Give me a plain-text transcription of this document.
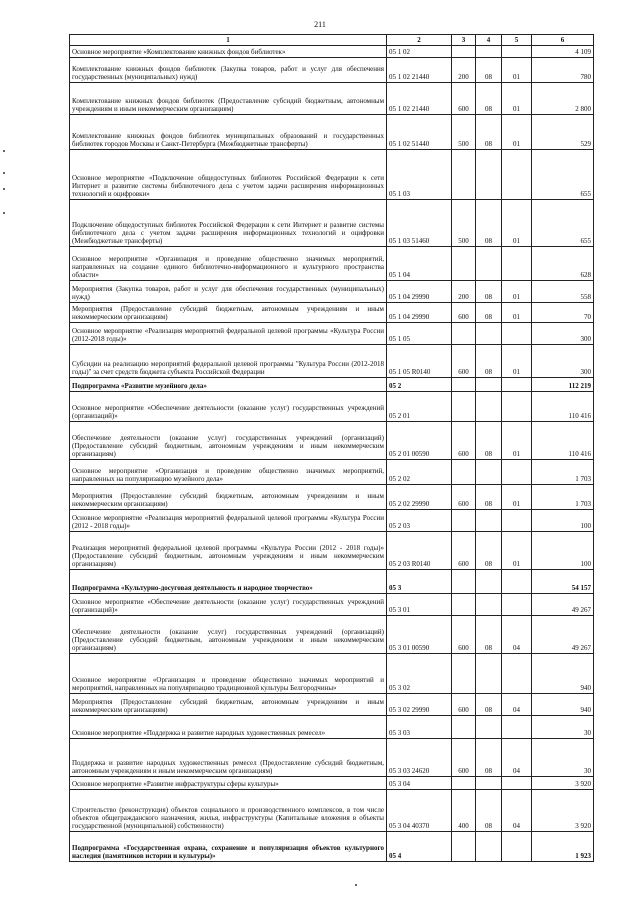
211
1	2	3	4	5	6
Основное мероприятие «Комплектование книжных фондов библиотек»	05 1 02				4 109
Комплектование книжных фондов библиотек (Закупка товаров, работ и услуг для обеспечения государственных (муниципальных) нужд)	05 1 02 21440	200	08	01	780
Комплектование книжных фондов библиотек (Предоставление субсидий бюджетным, автономным учреждениям и иным некоммерческим организациям)	05 1 02 21440	600	08	01	2 800
Комплектование книжных фондов библиотек муниципальных образований и государственных библиотек городов Москвы и Санкт-Петербурга (Межбюджетные трансферты)	05 1 02 51440	500	08	01	529
Основное мероприятие «Подключение общедоступных библиотек Российской Федерации к сети Интернет и развитие системы библиотечного дела с учетом задачи расширения информационных технологий и оцифровки»	05 1 03				655
Подключение общедоступных библиотек Российской Федерации к сети Интернет и развитие системы библиотечного дела с учетом задачи расширения информационных технологий и оцифровки (Межбюджетные трансферты)	05 1 03 51460	500	08	01	655
Основное мероприятие «Организация и проведение общественно значимых мероприятий, направленных на создание единого библиотечно-информационного и культурного пространства области»	05 1 04				628
Мероприятия (Закупка товаров, работ и услуг для обеспечения государственных (муниципальных) нужд)	05 1 04 29990	200	08	01	558
Мероприятия (Предоставление субсидий бюджетным, автономным учреждениям и иным некоммерческим организациям)	05 1 04 29990	600	08	01	70
Основное мероприятие «Реализация мероприятий федеральной целевой программы «Культура России (2012-2018 годы)»	05 1 05				300
Субсидии на реализацию мероприятий федеральной целевой программы "Культура России (2012-2018 годы)" за счет средств бюджета субъекта Российской Федерации	05 1 05 R0140	600	08	01	300
Подпрограмма «Развитие музейного дела»	05 2				112 219
Основное мероприятие «Обеспечение деятельности (оказание услуг) государственных учреждений (организаций)»	05 2 01				110 416
Обеспечение деятельности (оказание услуг) государственных учреждений (организаций) (Предоставление субсидий бюджетным, автономным учреждениям и иным некоммерческим организациям)	05 2 01 00590	600	08	01	110 416
Основное мероприятие «Организация и проведение общественно значимых мероприятий, направленных на популяризацию музейного дела»	05 2 02				1 703
Мероприятия (Предоставление субсидий бюджетным, автономным учреждениям и иным некоммерческим организациям)	05 2 02 29990	600	08	01	1 703
Основное мероприятие «Реализация мероприятий федеральной целевой программы «Культура России (2012 - 2018 годы)»	05 2 03				100
Реализация мероприятий федеральной целевой программы «Культура России (2012 - 2018 годы)» (Предоставление субсидий бюджетным, автономным учреждениям и иным некоммерческим организациям)	05 2 03 R0140	600	08	01	100
Подпрограмма «Культурно-досуговая деятельность и народное творчество»	05 3				54 157
Основное мероприятие «Обеспечение деятельности (оказание услуг) государственных учреждений (организаций)»	05 3 01				49 267
Обеспечение деятельности (оказание услуг) государственных учреждений (организаций) (Предоставление субсидий бюджетным, автономным учреждениям и иным некоммерческим организациям)	05 3 01 00590	600	08	04	49 267
Основное мероприятие «Организация и проведение общественно значимых мероприятий и мероприятий, направленных на популяризацию традиционной культуры Белгородчины»	05 3 02				940
Мероприятия (Предоставление субсидий бюджетным, автономным учреждениям и иным некоммерческим организациям)	05 3 02 29990	600	08	04	940
Основное мероприятие «Поддержка и развитие народных художественных ремесел»	05 3 03				30
Поддержка и развитие народных художественных ремесел (Предоставление субсидий бюджетным, автономным учреждениям и иным некоммерческим организациям)	05 3 03 24620	600	08	04	30
Основное мероприятие «Развитие инфраструктуры сферы культуры»	05 3 04				3 920
Строительство (реконструкция) объектов социального и производственного комплексов, в том числе объектов общегражданского назначения, жилья, инфраструктуры (Капитальные вложения в объекты государственной (муниципальной) собственности)	05 3 04 40370	400	08	04	3 920
Подпрограмма «Государственная охрана, сохранение и популяризация объектов культурного наследия (памятников истории и культуры)»	05 4				1 923
